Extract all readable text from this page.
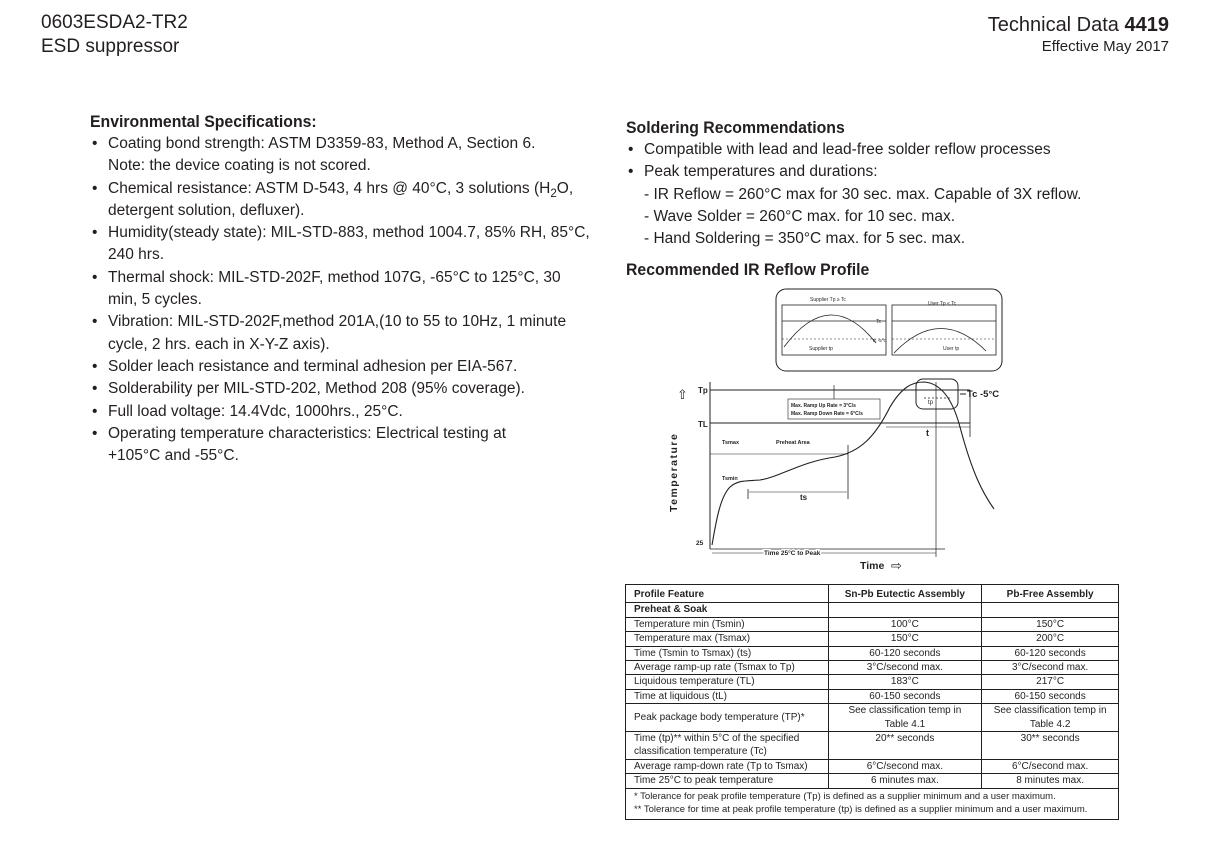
0603ESDA2-TR2
ESD suppressor
Technical Data 4419
Effective May 2017
Environmental Specifications:
• Coating bond strength: ASTM D3359-83, Method A, Section 6.
Note: the device coating is not scored.
• Chemical resistance: ASTM D-543, 4 hrs @ 40°C, 3 solutions ($H_2O$,
detergent solution, defluxer).
• Humidity(steady state): MIL-STD-883, method 1004.7, 85% RH, 85°C,
240 hrs.
• Thermal shock: MIL-STD-202F, method 107G, -65°C to 125°C, 30
min, 5 cycles.
• Vibration: MIL-STD-202F,method 201A,(10 to 55 to 10Hz, 1 minute
cycle, 2 hrs. each in X-Y-Z axis).
• Solder leach resistance and terminal adhesion per EIA-567.
• Solderability per MIL-STD-202, Method 208 (95% coverage).
• Full load voltage: 14.4Vdc, 1000hrs., 25°C.
• Operating temperature characteristics: Electrical testing at
+105°C and -55°C.
Soldering Recommendations
• Compatible with lead and lead-free solder reflow processes
• Peak temperatures and durations:
- IR Reflow = 260°C max for 30 sec. max. Capable of 3X reflow.
- Wave Solder = 260°C max. for 10 sec. max.
- Hand Soldering = 350°C max. for 5 sec. max.
Recommended IR Reflow Profile
Supplier Tp ≥ Tc
User Tp ≤ Tc
Tc
Tc -5°C
Supplier tp	User tp
tp
Tc -5°C
Max. Ramp Up Rate = 3°C/s
Max. Ramp Down Rate = 6°C/s
Tsmax	Preheat Area
Tsmin
ts
t
Tp
TL
25
Temperature
⇧
Time 25°C to Peak
Time ⇨
Profile Feature	Sn-Pb Eutectic Assembly	Pb-Free Assembly
Preheat & Soak		
Temperature min (Tsmin)	100°C	150°C
Temperature max (Tsmax)	150°C	200°C
Time (Tsmin to Tsmax) (ts)	60-120 seconds	60-120 seconds
Average ramp-up rate (Tsmax to Tp)	3°C/second max.	3°C/second max.
Liquidous temperature (TL)	183°C	217°C
Time at liquidous (tL)	60-150 seconds	60-150 seconds
Peak package body temperature (TP)*	See classification temp in Table 4.1	See classification temp in Table 4.2
Time (tp)** within 5°C of the specified classification temperature (Tc)	20** seconds	30** seconds
Average ramp-down rate (Tp to Tsmax)	6°C/second max.	6°C/second max.
Time 25°C to peak temperature	6 minutes max.	8 minutes max.

* Tolerance for peak profile temperature (Tp) is defined as a supplier minimum and a user maximum.
** Tolerance for time at peak profile temperature (tp) is defined as a supplier minimum and a user maximum.		
